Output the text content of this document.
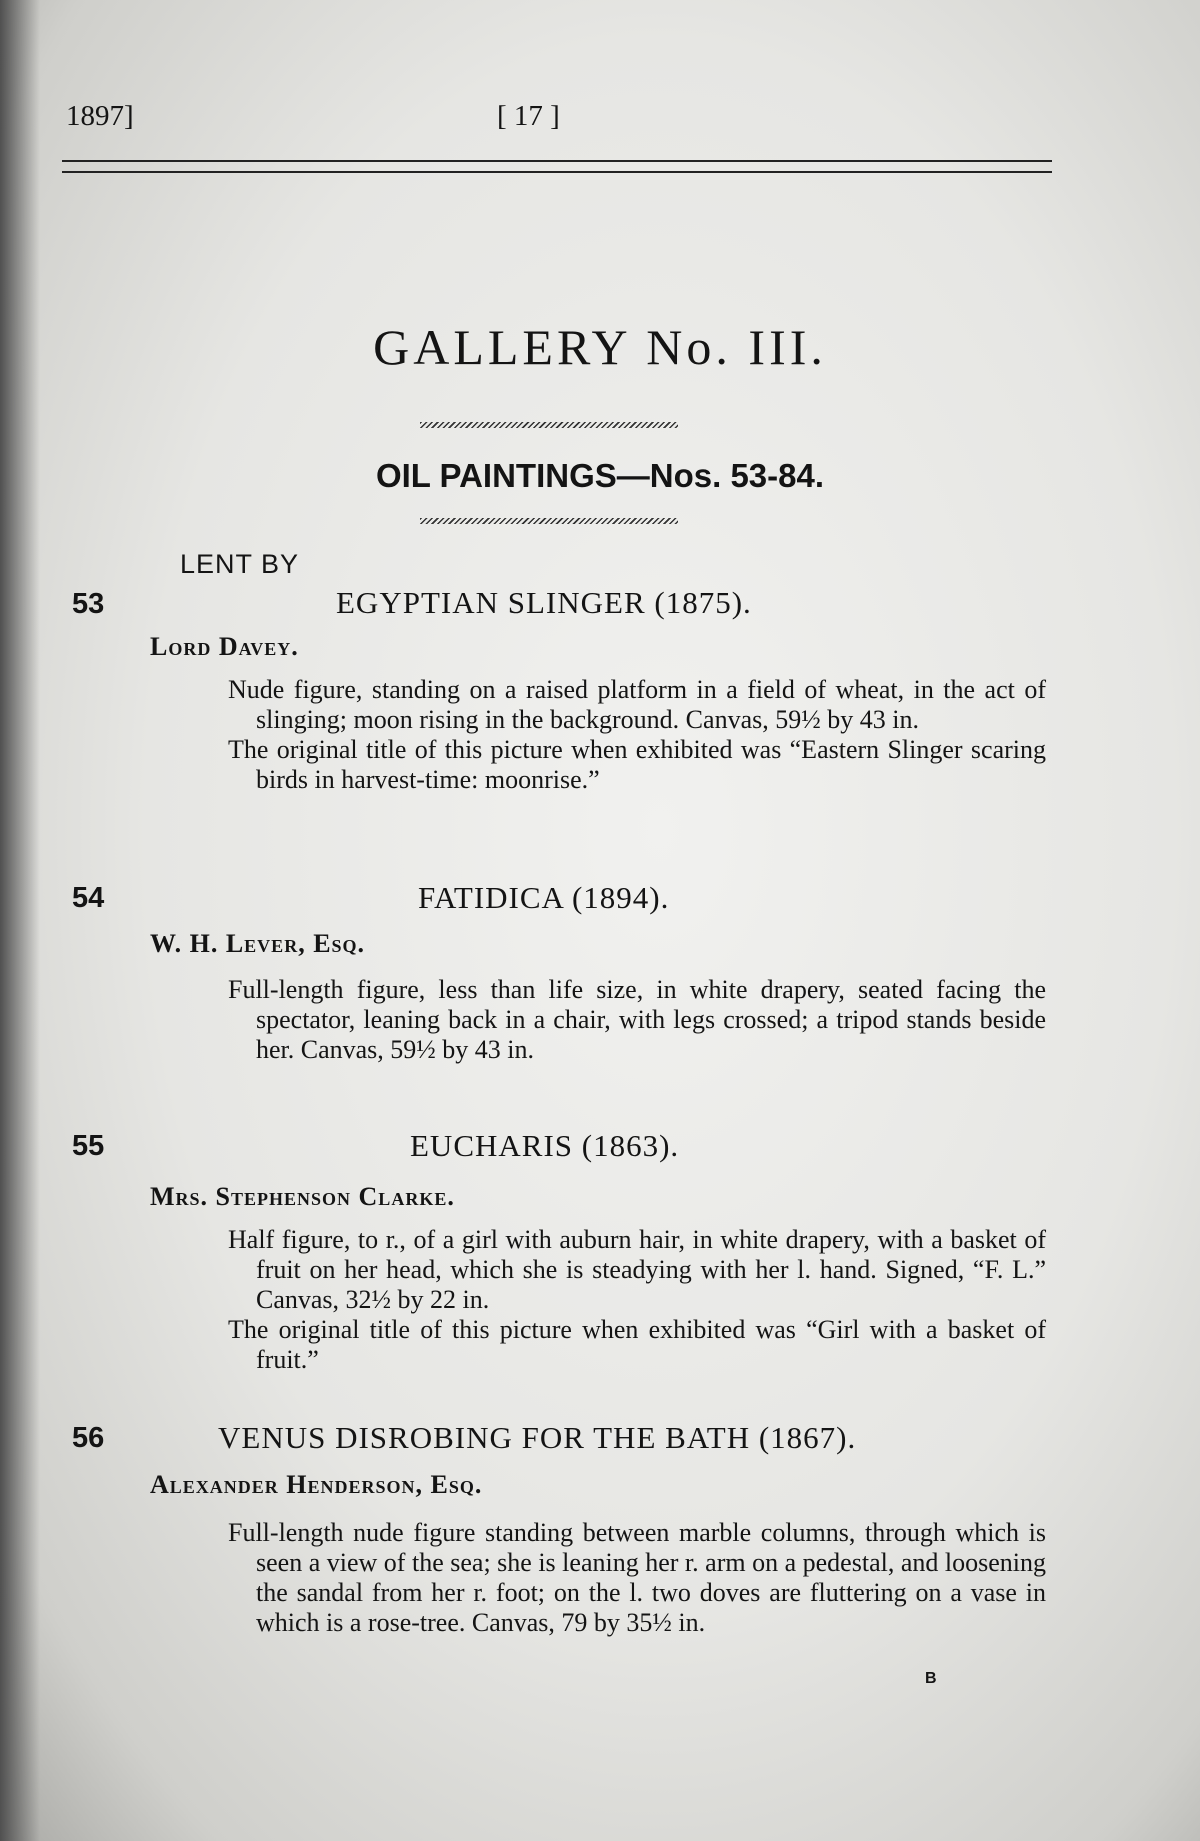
1897]	[ 17 ]
GALLERY No. III.
OIL PAINTINGS—Nos. 53-84.
LENT BY
53	EGYPTIAN SLINGER (1875).
Lord Davey.

Nude figure, standing on a raised platform in a field of wheat, in the act of slinging; moon rising in the background. Canvas, 59½ by 43 in.

The original title of this picture when exhibited was “Eastern Slinger scaring birds in harvest-time: moonrise.”

54	FATIDICA (1894).
W. H. Lever, Esq.

Full-length figure, less than life size, in white drapery, seated facing the spectator, leaning back in a chair, with legs crossed; a tripod stands beside her. Canvas, 59½ by 43 in.

55	EUCHARIS (1863).
Mrs. Stephenson Clarke.

Half figure, to r., of a girl with auburn hair, in white drapery, with a basket of fruit on her head, which she is steadying with her l. hand. Signed, “F. L.” Canvas, 32½ by 22 in.

The original title of this picture when exhibited was “Girl with a basket of fruit.”

56	VENUS DISROBING FOR THE BATH (1867).
Alexander Henderson, Esq.

Full-length nude figure standing between marble columns, through which is seen a view of the sea; she is leaning her r. arm on a pedestal, and loosening the sandal from her r. foot; on the l. two doves are fluttering on a vase in which is a rose-tree. Canvas, 79 by 35½ in.

B
